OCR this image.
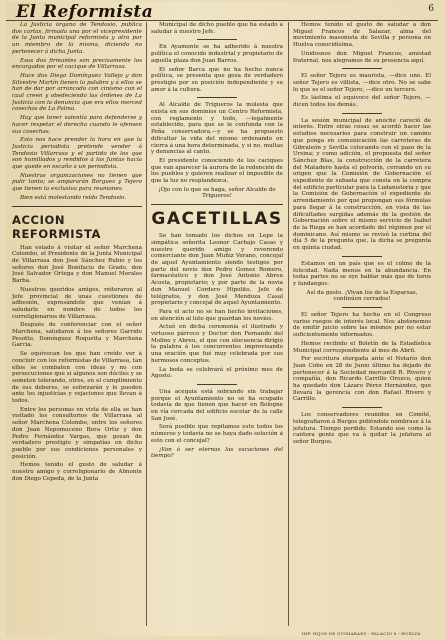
El Reformista	6

La Justicia órgano de Tendosio, publica dos cartas, firmada una por el vicepresidente de la Junta municipal reformista y otra por un miembro de la misma, diciendo no pertenecer á dicha Junta.

Esos dos firmantes son precisamente los encargados por el cacique de Villarrasa.

Hace dos Diego Domínguez Vallejo y don Silvestre Martín tienen la palabra y á ellos se han de dar por arrancado con cinismo con el cual creen y obedeciendo las órdenes de La Justicia con la denuncia que era ellos merced cosechos de La Palma.

Hay que tener valentía para defenderse y hacer respetar el derecho cuando le ofensen sus cosechas.

Esto nos hace prender la hora en que la Justicia periodista pretende vender á Tendosio Villarrasa y el partido de los que son humillados y rendidos á las Juntas hacía que quede en escaño a un periodista.

Nuestras organizaciones no tienen que pulir tanto; se ampararán Borgues y Tejero que tienen la exclusiva para reuniones.

Bien está molestando reído Tendosio.

ACCION REFORMISTA

Han estado á visitar el señor Marchena Colombo, el Presidente de la Junta Municipal de Villarrasa don José Sánchez Rubio y los señores don José Bonifacio de Grado, don José Salvador Ortega y don Manuel Morales Barba.

Nuestros queridos amigos, reiteraron al Jefe provincial de unas cuestiones de adhesión, expresándole que venían á saludarle en nombre de todos los correligionarios de Villarrasa.

Después de conferenciar con el señor Marchena, saludaron á los señores Garrido Pesotto, Domínguez Roquetta y Marchena Garcia.

Se equivocan los que han creído ver á concluir con los reformistas de Villarrasa, tan ellos se combaten con ideas y no con persecuciones que si algunos son dóciles y se someten tolerando, otros, en el cumplimiento de sus deberes, se esforzarán y le pueden ante los injusticias y vejaciones que llevan á todos.

Entre los personas en vista de ella se han visitado los consultorios de Villarrasa al señor Marchena Colombo, entre los señores don Juan Nepomuceno Bora Ortiz y don Pedro Fernández Vargas, que gozan de verdadero prestigio y simpatías en dicho pueblo por sus condiciones personales y posición.

Hemos tenido el gusto de saludar á nuestro amigo y correligionario de Almonte don Diego Cepeda, de la Junta

Municipal de dicho pueblo que ha estado á saludar á nuestro Jefe.

En Ayamonte se ha adherido á nuestra política el conocido industrial y propietario de aquella plaza don Juan Barros.

El señor Barca que no ha hecho nunca política, se presenta que goza de verdadero prestigio por su posición independiente y su amor á la cultura.

Al Alcalde de Trigueros la molesta que exista en sus dominios un Centro Reformista, con reglamento y todo, —legalmente establecido, para que se le confunda con la Peña conservadora,—y se ha propuesto dificultar la vida del mismo ordenando en cierra á una hora determinada, y si no, multas y denuncias al canto.

El presidente conociendo de los caciques que van aparecer la aurora de la redención de los pueblos y quieren realizar el imposible de que la luz no resplandezca.

¡Ojo con lo que se haga, señor Alcalde de Trigueros!

GACETILLAS

Se han tomado los dichos en Lepe la simpática señorita Leonor Carbajo Casas y nuestro querido amigo y reverendo comerciante don Juan Muñiz Verano, concejal de aquel Ayuntamiento siendo testigos por parte del novio don Pedro Gomez Romero, farmacéutico y don José Antonio Abreu Acosta, propietario; y por parte de la novia don Manuel Cordero Hipolito, Jefe de telégrafos, y don José Mendoza Casal propietario y concejal de aquel Ayuntamiento.

Para el acto no se han hecho invitaciones, en atención al luto que guardan los novios.

Actuó en dicha ceremonia el ilustrado y virtuoso párroco y Doctor don Fernando del Molino y Abreu, el que con elocuencia dirigió la palabra á los concurrentes improvisando una oración que fué muy celebrada por sus hermosos conceptos.

La boda se celebrará el próximo mes de Agosto.

Una acequia está sobrando sin trabajar porque el Ayuntamiento no se ha ocupado todavía de que tienen que hacer en Bologne en vía cercada del edificio escolar de la calle San José.

Será posible que repitamos esto todos los números y todavía no se haya dado solución á esto con el concejal?

¡Van á ser eternas las vacaciones del tiempo?

Hemos tenido el gusto de saludar á don Miguel Francos de Salazar, alma del movimiento masonista de Sevilla y persona en Huelva conocidísima.

Unidosnos don Miguel Francos, amistad fraternal, nos alegramos de su presencia aquí.

El señor Tejero es maurista, —dice uno. El señor Tejero es villista, —dice otro. No se sabe lo que es el señor Tejero, —dice un tercero.

Es lástima el equívoco del señor Tejero, —dicen todos los demás.

La sesión municipal de anoche careció de interés. Entre otras cosas se acordó hacer las estudios necesarios para construir un camino que ponga en comunicación las carreteras de Gibraleón y Sevilla colocando con el paso de la Ursina; y como adición, el propuesta del señor Sánchez Blas, la construcción de la carretera del Matadero hasta el polvorín, cerrando en su origen que la Comisión de Gobernación el expediente de subasta que consta en la compra del edificio particular para la Ludanistoria y que la Comisión de Gobernación el expediente de arrendamiento por que propongan sus fórmulas para llegar á la construcción, en vista de las dificultades surgidas además de la gestión de Gobernación sobre el mismo servicio de Isabel de la Riega se han acordado del régimen por el dominicano. Así mismo se revisó la cortina del día 5 de la pregunta que, la dicha se pregunta en quinta ciudad.

Estamos en un país que es el colmo de la felicidad. Nada menos en la abundancia. En todas partes no se oye hablar más que de toros y fandangos.

Así da gusto. ¡Vivan los de la Esparsas, continúen cerrados!

El señor Tejero ha hecho en el Congreso varios ruegos de interés local. Nos abstenemos de emitir juicio sobre las mismos por no estar suficientemente informados.

Hemos recibido el Boletín de la Estadística Municipal correspondiente al mes de Abril.

Por escritura otorgada ante el Notario don Juan Cobo en 28 de Junio último ha dejado de pertenecer á la Sociedad mercantil R. Rivero y compañía, don Ricardo Carrillo Orozco, quien ha quedado don Lázaro Pérez Hernández, que llevará la gerencia con don Rafael Rivero y Carrillo.

Los conservadores reunidos en Comité, telegrafiaron á Burgos pidiéndole nombrase á la jefatura. Tiempo perdido. Estando ese como la cantora gente que va á quitar la jefatura al señor Burgos.

IMP. HIJOS DE GUIMARÁES - PALACIO 8 - HUELVA
